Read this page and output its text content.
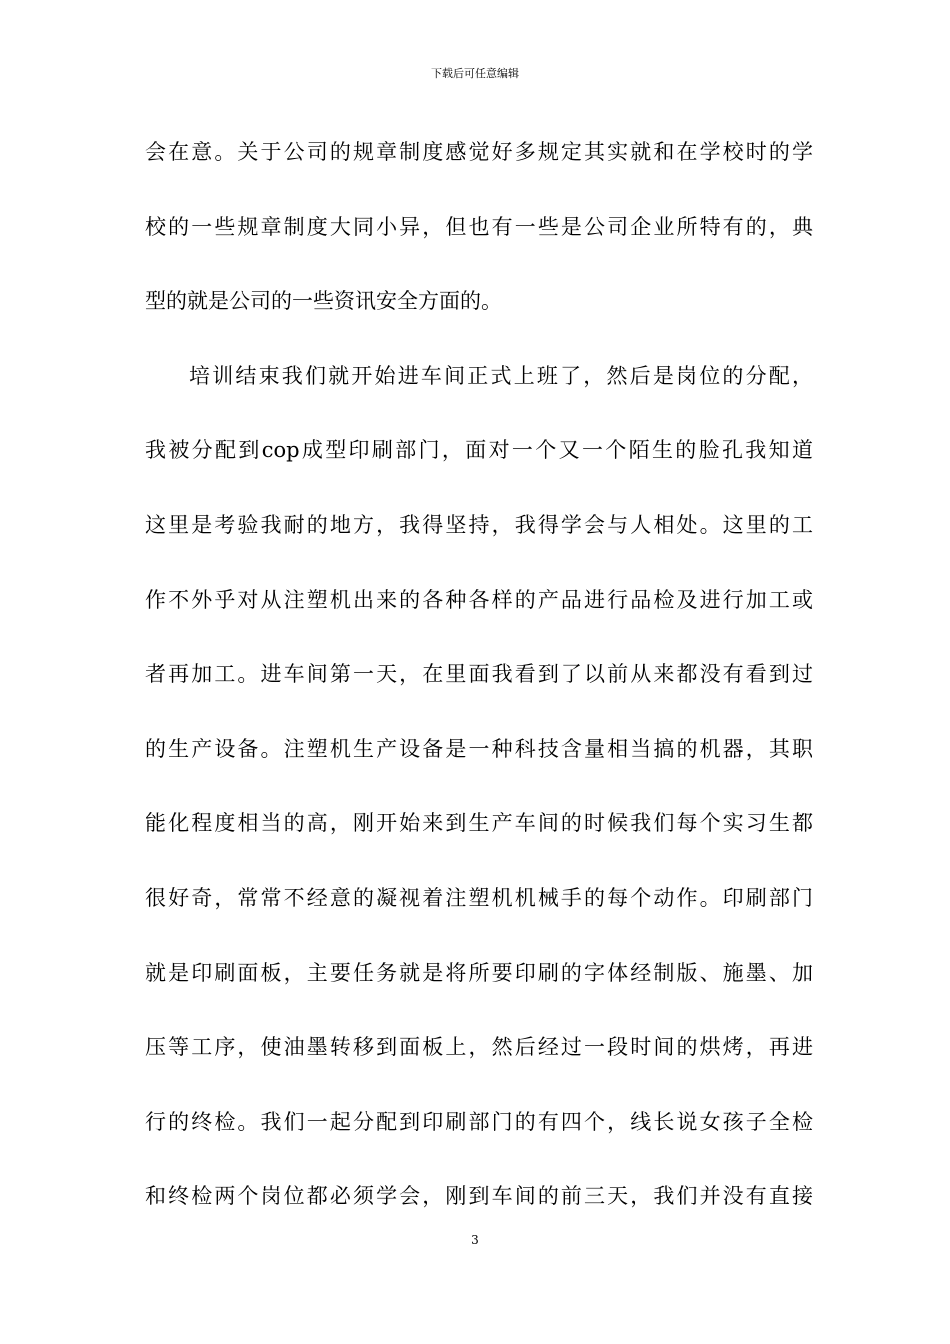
下载后可任意编辑
会在意。关于公司的规章制度感觉好多规定其实就和在学校时的学
校的一些规章制度大同小异，但也有一些是公司企业所特有的，典
型的就是公司的一些资讯安全方面的。
培训结束我们就开始进车间正式上班了，然后是岗位的分配，
我被分配到cop成型印刷部门，面对一个又一个陌生的脸孔我知道
这里是考验我耐的地方，我得坚持，我得学会与人相处。这里的工
作不外乎对从注塑机出来的各种各样的产品进行品检及进行加工或
者再加工。进车间第一天，在里面我看到了以前从来都没有看到过
的生产设备。注塑机生产设备是一种科技含量相当搞的机器，其职
能化程度相当的高，刚开始来到生产车间的时候我们每个实习生都
很好奇，常常不经意的凝视着注塑机机械手的每个动作。印刷部门
就是印刷面板，主要任务就是将所要印刷的字体经制版、施墨、加
压等工序，使油墨转移到面板上，然后经过一段时间的烘烤，再进
行的终检。我们一起分配到印刷部门的有四个，线长说女孩子全检
和终检两个岗位都必须学会，刚到车间的前三天，我们并没有直接
3
